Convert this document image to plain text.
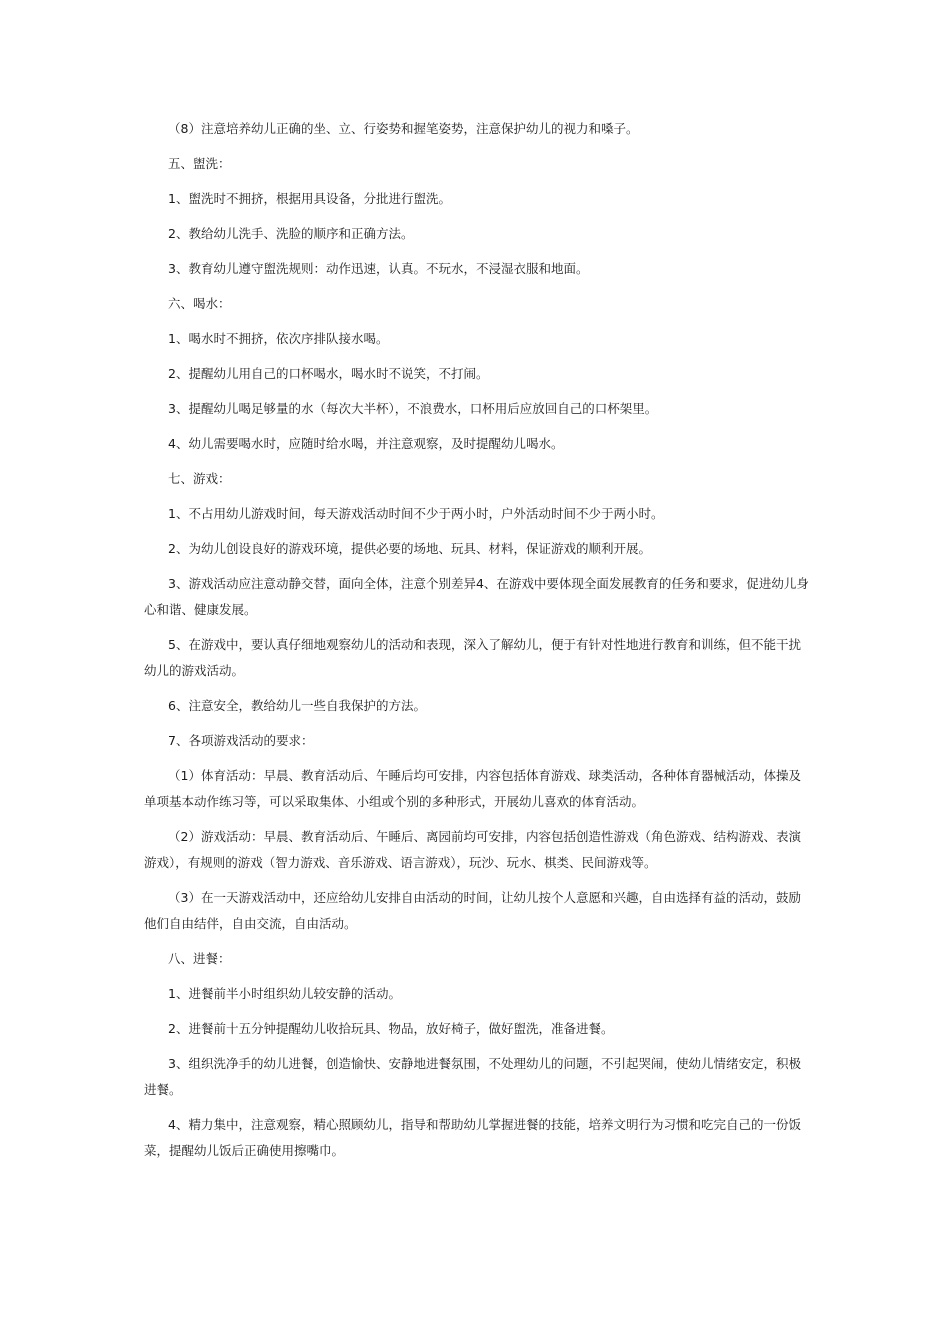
（8）注意培养幼儿正确的坐、立、行姿势和握笔姿势，注意保护幼儿的视力和嗓子。

五、盥洗：

1、盥洗时不拥挤，根据用具设备，分批进行盥洗。

2、教给幼儿洗手、洗脸的顺序和正确方法。

3、教育幼儿遵守盥洗规则：动作迅速，认真。不玩水，不浸湿衣服和地面。

六、喝水：

1、喝水时不拥挤，依次序排队接水喝。

2、提醒幼儿用自己的口杯喝水，喝水时不说笑，不打闹。

3、提醒幼儿喝足够量的水（每次大半杯），不浪费水，口杯用后应放回自己的口杯架里。

4、幼儿需要喝水时，应随时给水喝，并注意观察，及时提醒幼儿喝水。

七、游戏：

1、不占用幼儿游戏时间，每天游戏活动时间不少于两小时，户外活动时间不少于两小时。

2、为幼儿创设良好的游戏环境，提供必要的场地、玩具、材料，保证游戏的顺利开展。

3、游戏活动应注意动静交替，面向全体，注意个别差异4、在游戏中要体现全面发展教育的任务和要求，促进幼儿身心和谐、健康发展。

5、在游戏中，要认真仔细地观察幼儿的活动和表现，深入了解幼儿，便于有针对性地进行教育和训练，但不能干扰幼儿的游戏活动。

6、注意安全，教给幼儿一些自我保护的方法。

7、各项游戏活动的要求：

（1）体育活动：早晨、教育活动后、午睡后均可安排，内容包括体育游戏、球类活动，各种体育器械活动，体操及单项基本动作练习等，可以采取集体、小组或个别的多种形式，开展幼儿喜欢的体育活动。

（2）游戏活动：早晨、教育活动后、午睡后、离园前均可安排，内容包括创造性游戏（角色游戏、结构游戏、表演游戏），有规则的游戏（智力游戏、音乐游戏、语言游戏），玩沙、玩水、棋类、民间游戏等。

（3）在一天游戏活动中，还应给幼儿安排自由活动的时间，让幼儿按个人意愿和兴趣，自由选择有益的活动，鼓励他们自由结伴，自由交流，自由活动。

八、进餐：

1、进餐前半小时组织幼儿较安静的活动。

2、进餐前十五分钟提醒幼儿收拾玩具、物品，放好椅子，做好盥洗，准备进餐。

3、组织洗净手的幼儿进餐，创造愉快、安静地进餐氛围，不处理幼儿的问题，不引起哭闹，使幼儿情绪安定，积极进餐。

4、精力集中，注意观察，精心照顾幼儿，指导和帮助幼儿掌握进餐的技能，培养文明行为习惯和吃完自己的一份饭菜，提醒幼儿饭后正确使用擦嘴巾。
